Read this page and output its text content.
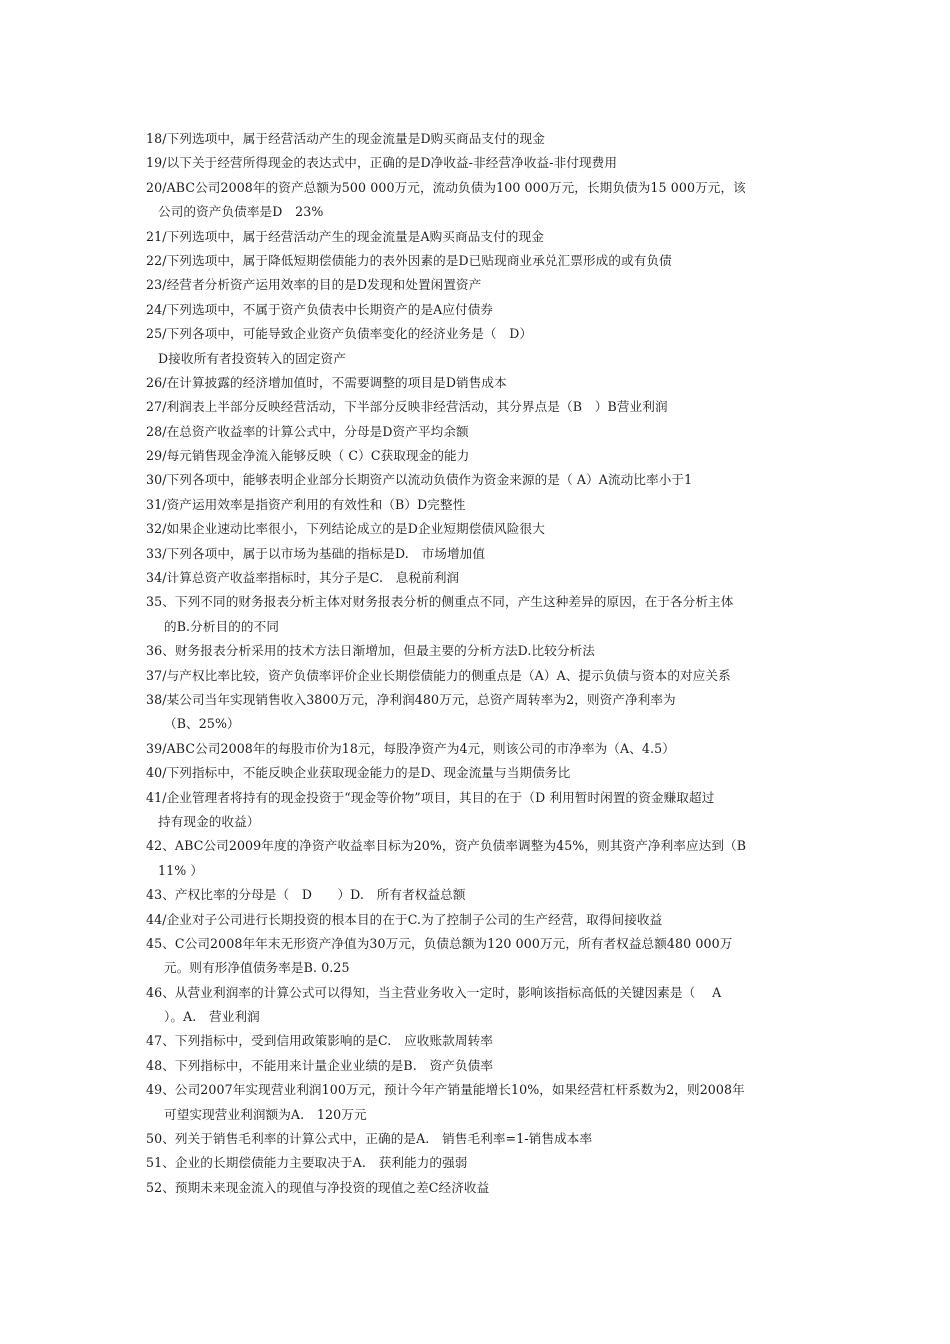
18/下列选项中，属于经营活动产生的现金流量是D购买商品支付的现金
19/以下关于经营所得现金的表达式中，正确的是D净收益-非经营净收益-非付现费用
20/ABC公司2008年的资产总额为500 000万元，流动负债为100 000万元，长期负债为15 000万元，该
公司的资产负债率是D　23%
21/下列选项中，属于经营活动产生的现金流量是A购买商品支付的现金
22/下列选项中，属于降低短期偿债能力的表外因素的是D已贴现商业承兑汇票形成的或有负债
23/经营者分析资产运用效率的目的是D发现和处置闲置资产
24/下列选项中，不属于资产负债表中长期资产的是A应付债券
25/下列各项中，可能导致企业资产负债率变化的经济业务是（　D）
D接收所有者投资转入的固定资产
26/在计算披露的经济增加值时，不需要调整的项目是D销售成本
27/利润表上半部分反映经营活动，下半部分反映非经营活动，其分界点是（B　）B营业利润
28/在总资产收益率的计算公式中，分母是D资产平均余额
29/每元销售现金净流入能够反映（ C）C获取现金的能力
30/下列各项中，能够表明企业部分长期资产以流动负债作为资金来源的是（ A）A流动比率小于1
31/资产运用效率是指资产利用的有效性和（B）D完整性
32/如果企业速动比率很小，下列结论成立的是D企业短期偿债风险很大
33/下列各项中，属于以市场为基础的指标是D.　市场增加值
34/计算总资产收益率指标时，其分子是C.　息税前利润
35、下列不同的财务报表分析主体对财务报表分析的侧重点不同，产生这种差异的原因，在于各分析主体
的B.分析目的的不同
36、财务报表分析采用的技术方法日渐增加，但最主要的分析方法D.比较分析法
37/与产权比率比较，资产负债率评价企业长期偿债能力的侧重点是（A）A、提示负债与资本的对应关系
38/某公司当年实现销售收入3800万元，净利润480万元，总资产周转率为2，则资产净利率为
（B、25%）
39/ABC公司2008年的每股市价为18元，每股净资产为4元，则该公司的市净率为（A、4.5）
40/下列指标中，不能反映企业获取现金能力的是D、现金流量与当期债务比
41/企业管理者将持有的现金投资于“现金等价物”项目，其目的在于（D 利用暂时闲置的资金赚取超过
持有现金的收益）
42、ABC公司2009年度的净资产收益率目标为20%，资产负债率调整为45%，则其资产净利率应达到（B
11% ）
43、产权比率的分母是（　D　　）D.　所有者权益总额
44/企业对子公司进行长期投资的根本目的在于C.为了控制子公司的生产经营，取得间接收益
45、C公司2008年年末无形资产净值为30万元，负债总额为120 000万元，所有者权益总额480 000万
元。则有形净值债务率是B. 0.25
46、从营业利润率的计算公式可以得知，当主营业务收入一定时，影响该指标高低的关键因素是（　 A
）。A.　营业利润
47、下列指标中，受到信用政策影响的是C.　应收账款周转率
48、下列指标中，不能用来计量企业业绩的是B.　资产负债率
49、公司2007年实现营业利润100万元，预计今年产销量能增长10%，如果经营杠杆系数为2，则2008年
可望实现营业利润额为A.　120万元
50、列关于销售毛利率的计算公式中，正确的是A.　销售毛利率=1-销售成本率
51、企业的长期偿债能力主要取决于A.　获利能力的强弱
52、预期未来现金流入的现值与净投资的现值之差C经济收益
